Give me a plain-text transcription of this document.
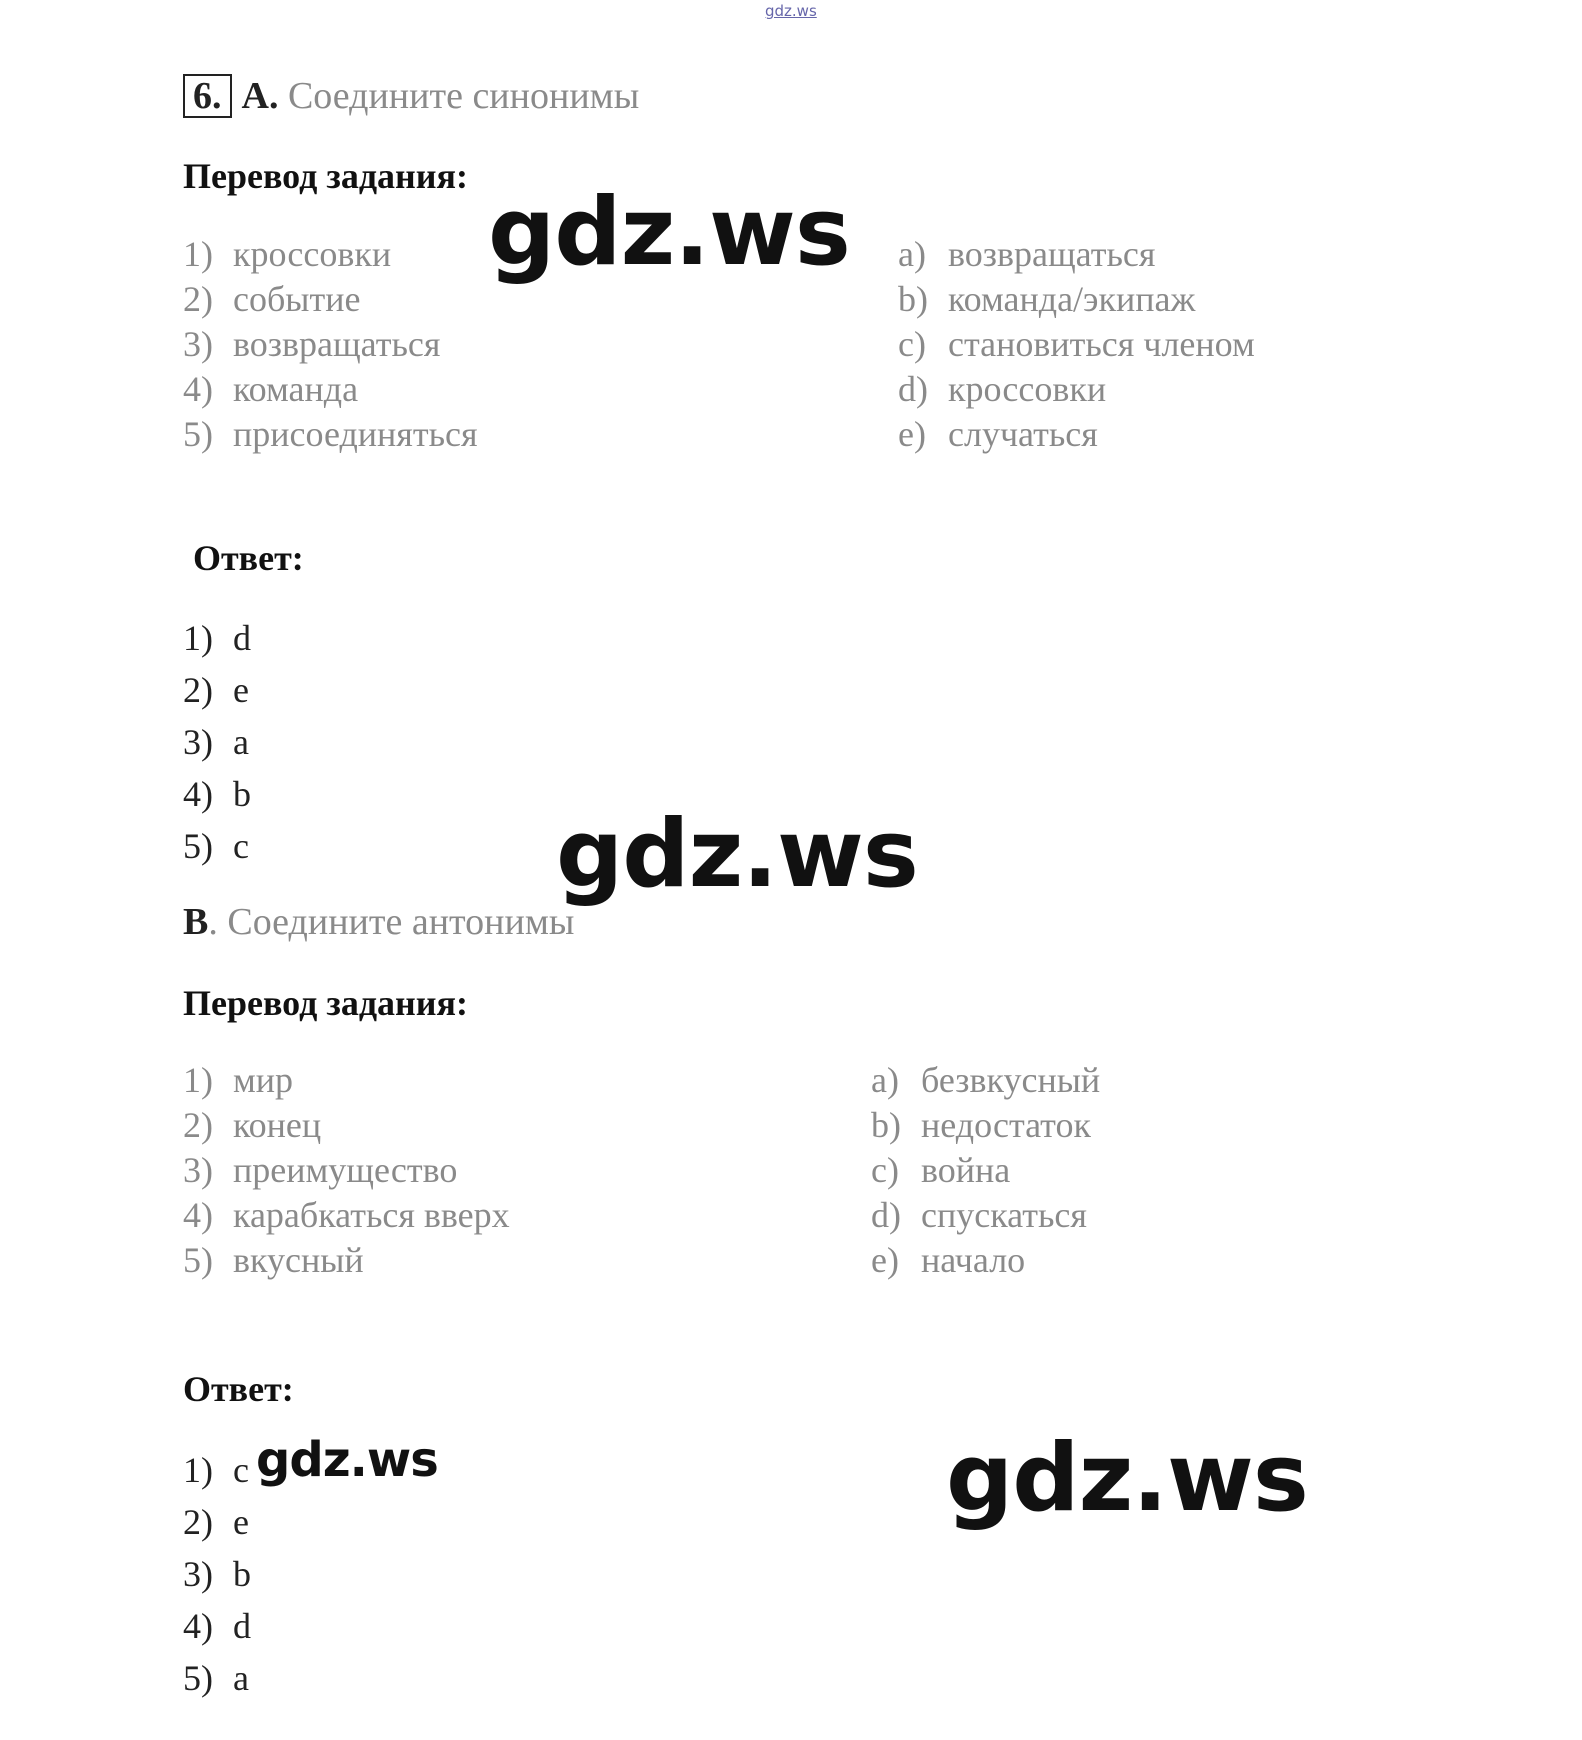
gdz.ws
6. A. Соедините синонимы
Перевод задания:
1) кроссовки
2) событие
3) возвращаться
4) команда
5) присоединяться
a) возвращаться
b) команда/экипаж
c) становиться членом
d) кроссовки
e) случаться
Ответ:
1) d
2) e
3) a
4) b
5) c
B. Соедините антонимы
Перевод задания:
1) мир
2) конец
3) преимущество
4) карабкаться вверх
5) вкусный
a) безвкусный
b) недостаток
c) война
d) спускаться
e) начало
Ответ:
1) c
2) e
3) b
4) d
5) a
gdz.ws
gdz.ws
gdz.ws	gdz.ws
